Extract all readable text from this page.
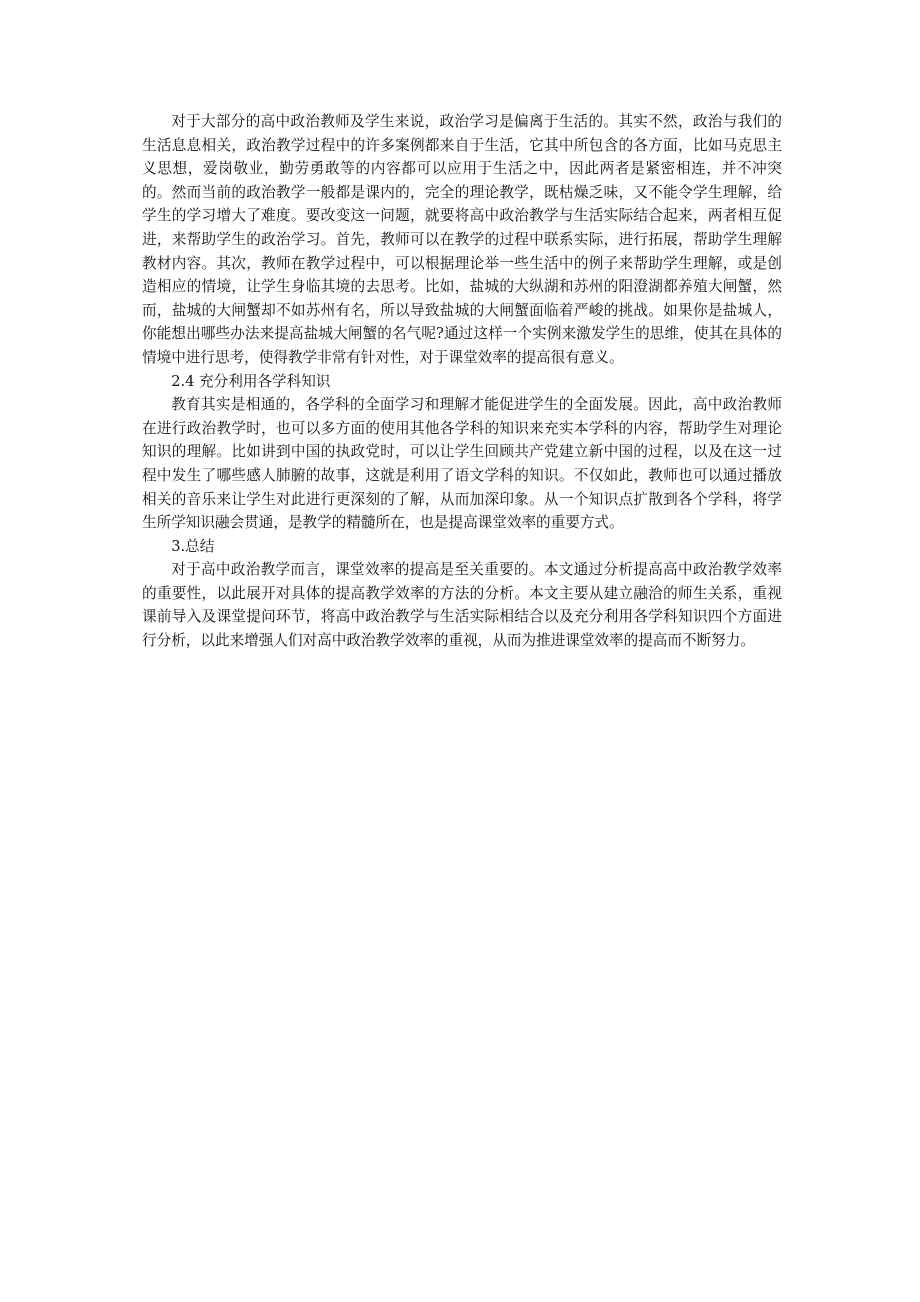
对于大部分的高中政治教师及学生来说，政治学习是偏离于生活的。其实不然，政治与我们的生活息息相关，政治教学过程中的许多案例都来自于生活，它其中所包含的各方面，比如马克思主义思想，爱岗敬业，勤劳勇敢等的内容都可以应用于生活之中，因此两者是紧密相连，并不冲突的。然而当前的政治教学一般都是课内的，完全的理论教学，既枯燥乏味，又不能令学生理解，给学生的学习增大了难度。要改变这一问题，就要将高中政治教学与生活实际结合起来，两者相互促进，来帮助学生的政治学习。首先，教师可以在教学的过程中联系实际，进行拓展，帮助学生理解教材内容。其次，教师在教学过程中，可以根据理论举一些生活中的例子来帮助学生理解，或是创造相应的情境，让学生身临其境的去思考。比如，盐城的大纵湖和苏州的阳澄湖都养殖大闸蟹，然而，盐城的大闸蟹却不如苏州有名，所以导致盐城的大闸蟹面临着严峻的挑战。如果你是盐城人，你能想出哪些办法来提高盐城大闸蟹的名气呢?通过这样一个实例来激发学生的思维，使其在具体的情境中进行思考，使得教学非常有针对性，对于课堂效率的提高很有意义。

2.4 充分利用各学科知识

教育其实是相通的，各学科的全面学习和理解才能促进学生的全面发展。因此，高中政治教师在进行政治教学时，也可以多方面的使用其他各学科的知识来充实本学科的内容，帮助学生对理论知识的理解。比如讲到中国的执政党时，可以让学生回顾共产党建立新中国的过程，以及在这一过程中发生了哪些感人肺腑的故事，这就是利用了语文学科的知识。不仅如此，教师也可以通过播放相关的音乐来让学生对此进行更深刻的了解，从而加深印象。从一个知识点扩散到各个学科，将学生所学知识融会贯通，是教学的精髓所在，也是提高课堂效率的重要方式。

3.总结

对于高中政治教学而言，课堂效率的提高是至关重要的。本文通过分析提高高中政治教学效率的重要性，以此展开对具体的提高教学效率的方法的分析。本文主要从建立融洽的师生关系，重视课前导入及课堂提问环节，将高中政治教学与生活实际相结合以及充分利用各学科知识四个方面进行分析，以此来增强人们对高中政治教学效率的重视，从而为推进课堂效率的提高而不断努力。
